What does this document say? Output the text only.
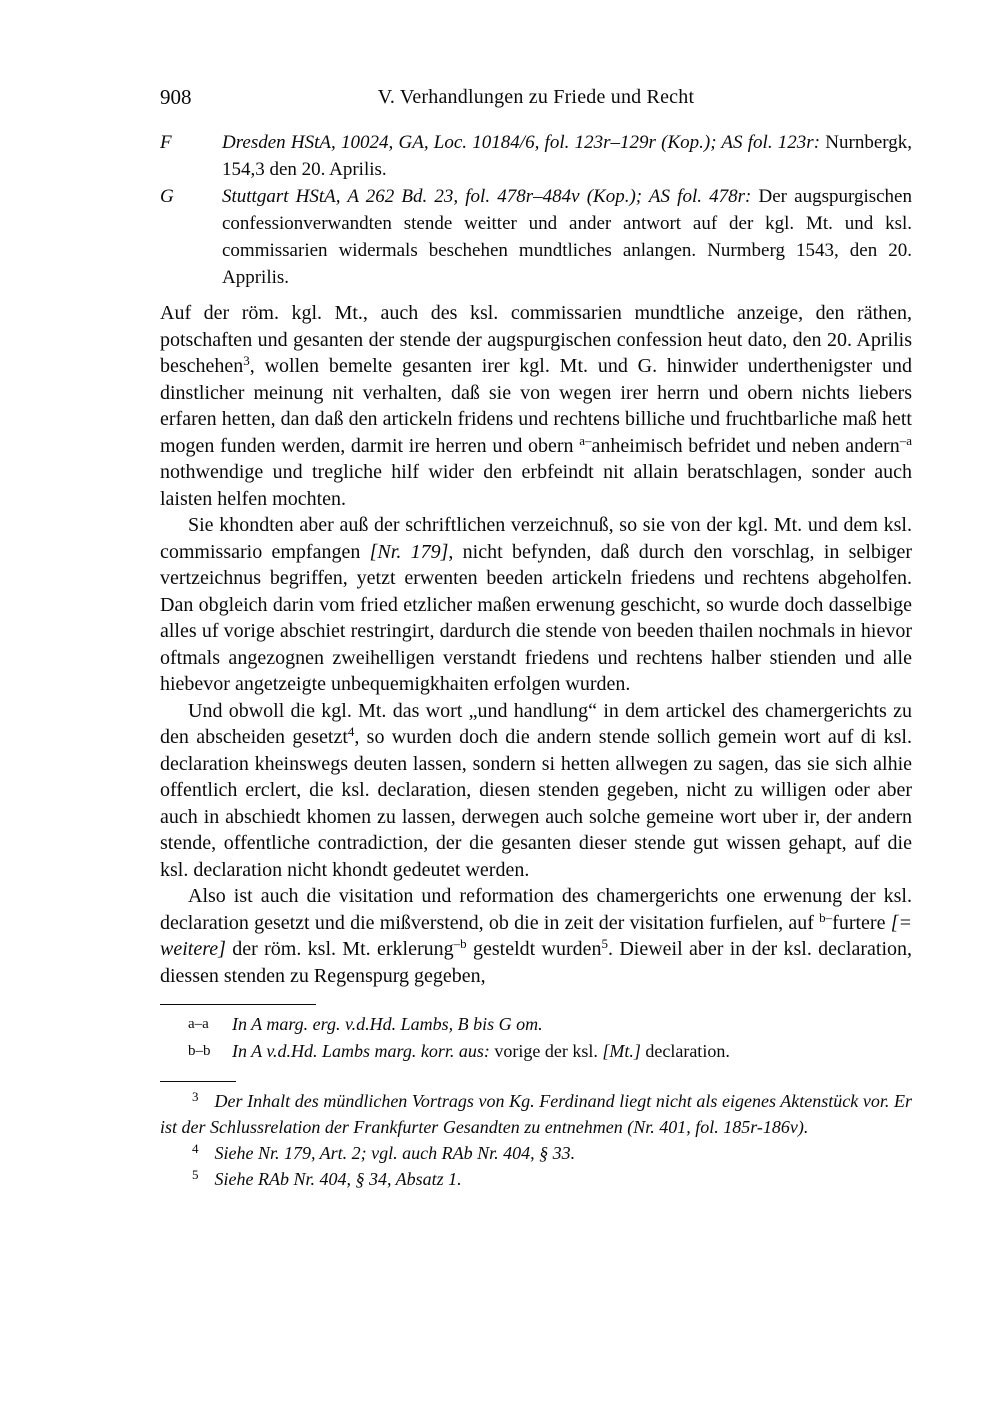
908	V. Verhandlungen zu Friede und Recht
F	Dresden HStA, 10024, GA, Loc. 10184/6, fol. 123r–129r (Kop.); AS fol. 123r: Nurnbergk, 154,3 den 20. Aprilis.
G	Stuttgart HStA, A 262 Bd. 23, fol. 478r–484v (Kop.); AS fol. 478r: Der augspurgischen confessionverwandten stende weitter und ander antwort auf der kgl. Mt. und ksl. commissarien widermals beschehen mundtliches anlangen. Nurmberg 1543, den 20. Apprilis.

Auf der röm. kgl. Mt., auch des ksl. commissarien mundtliche anzeige, den räthen, potschaften und gesanten der stende der augspurgischen confession heut dato, den 20. Aprilis beschehen$^3$, wollen bemelte gesanten irer kgl. Mt. und G. hinwider underthenigster und dinstlicher meinung nit verhalten, daß sie von wegen irer herrn und obern nichts liebers erfaren hetten, dan daß den artickeln fridens und rechtens billiche und fruchtbarliche maß hett mogen funden werden, darmit ire herren und obern $^{a-}$anheimisch befridet und neben andern$^{-a}$ nothwendige und tregliche hilf wider den erbfeindt nit allain beratschlagen, sonder auch laisten helfen mochten.

Sie khondten aber auß der schriftlichen verzeichnuß, so sie von der kgl. Mt. und dem ksl. commissario empfangen [Nr. 179], nicht befynden, daß durch den vorschlag, in selbiger vertzeichnus begriffen, yetzt erwenten beeden artickeln friedens und rechtens abgeholfen. Dan obgleich darin vom fried etzlicher maßen erwenung geschicht, so wurde doch dasselbige alles uf vorige abschiet restringirt, dardurch die stende von beeden thailen nochmals in hievor oftmals angezognen zweihelligen verstandt friedens und rechtens halber stienden und alle hiebevor angetzeigte unbequemigkhaiten erfolgen wurden.

Und obwoll die kgl. Mt. das wort „und handlung“ in dem artickel des chamergerichts zu den abscheiden gesetzt$^4$, so wurden doch die andern stende sollich gemein wort auf di ksl. declaration kheinswegs deuten lassen, sondern si hetten allwegen zu sagen, das sie sich alhie offentlich erclert, die ksl. declaration, diesen stenden gegeben, nicht zu willigen oder aber auch in abschiedt khomen zu lassen, derwegen auch solche gemeine wort uber ir, der andern stende, offentliche contradiction, der die gesanten dieser stende gut wissen gehapt, auf die ksl. declaration nicht khondt gedeutet werden.

Also ist auch die visitation und reformation des chamergerichts one erwenung der ksl. declaration gesetzt und die mißverstend, ob die in zeit der visitation furfielen, auf $^{b-}$furtere [= weitere] der röm. ksl. Mt. erklerung$^{-b}$ gesteldt wurden$^5$. Dieweil aber in der ksl. declaration, diessen stenden zu Regenspurg gegeben,

a–a In A marg. erg. v.d.Hd. Lambs, B bis G om.

b–b In A v.d.Hd. Lambs marg. korr. aus: vorige der ksl. [Mt.] declaration.

$^3$ Der Inhalt des mündlichen Vortrags von Kg. Ferdinand liegt nicht als eigenes Aktenstück vor. Er ist der Schlussrelation der Frankfurter Gesandten zu entnehmen (Nr. 401, fol. 185r-186v).

$^4$ Siehe Nr. 179, Art. 2; vgl. auch RAb Nr. 404, § 33.

$^5$ Siehe RAb Nr. 404, § 34, Absatz 1.
